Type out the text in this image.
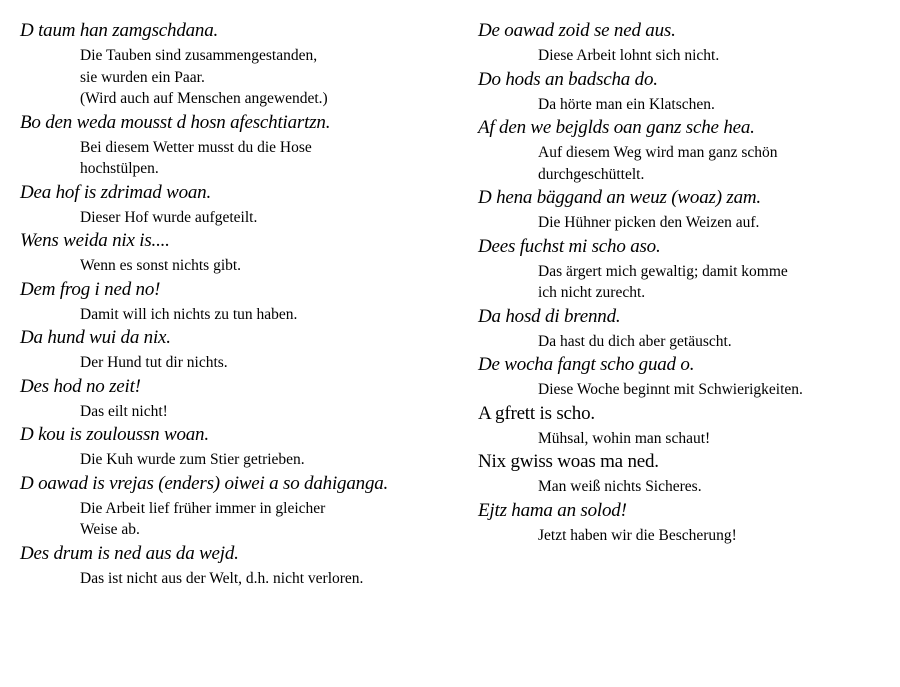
D taum han zamgschdana.
Die Tauben sind zusammengestanden,
sie wurden ein Paar.
(Wird auch auf Menschen angewendet.)
Bo den weda mousst d hosn afeschtiartzn.
Bei diesem Wetter musst du die Hose
hochstülpen.
Dea hof is zdrimad woan.
Dieser Hof wurde aufgeteilt.
Wens weida nix is....
Wenn es sonst nichts gibt.
Dem frog i ned no!
Damit will ich nichts zu tun haben.
Da hund wui da nix.
Der Hund tut dir nichts.
Des hod no zeit!
Das eilt nicht!
D kou is zouloussn woan.
Die Kuh wurde zum Stier getrieben.
D oawad is vrejas (enders) oiwei a so dahiganga.
Die Arbeit lief früher immer in gleicher
Weise ab.
Des drum is ned aus da wejd.
Das ist nicht aus der Welt, d.h. nicht verloren.
De oawad zoid se ned aus.
Diese Arbeit lohnt sich nicht.
Do hods an badscha do.
Da hörte man ein Klatschen.
Af den we bejglds oan ganz sche hea.
Auf diesem Weg wird man ganz schön
durchgeschüttelt.
D hena bäggand an weuz (woaz) zam.
Die Hühner picken den Weizen auf.
Dees fuchst mi scho aso.
Das ärgert mich gewaltig; damit komme
ich nicht zurecht.
Da hosd di brennd.
Da hast du dich aber getäuscht.
De wocha fangt scho guad o.
Diese Woche beginnt mit Schwierigkeiten.
A gfrett is scho.
Mühsal, wohin man schaut!
Nix gwiss woas ma ned.
Man weiß nichts Sicheres.
Ejtz hama an solod!
Jetzt haben wir die Bescherung!
